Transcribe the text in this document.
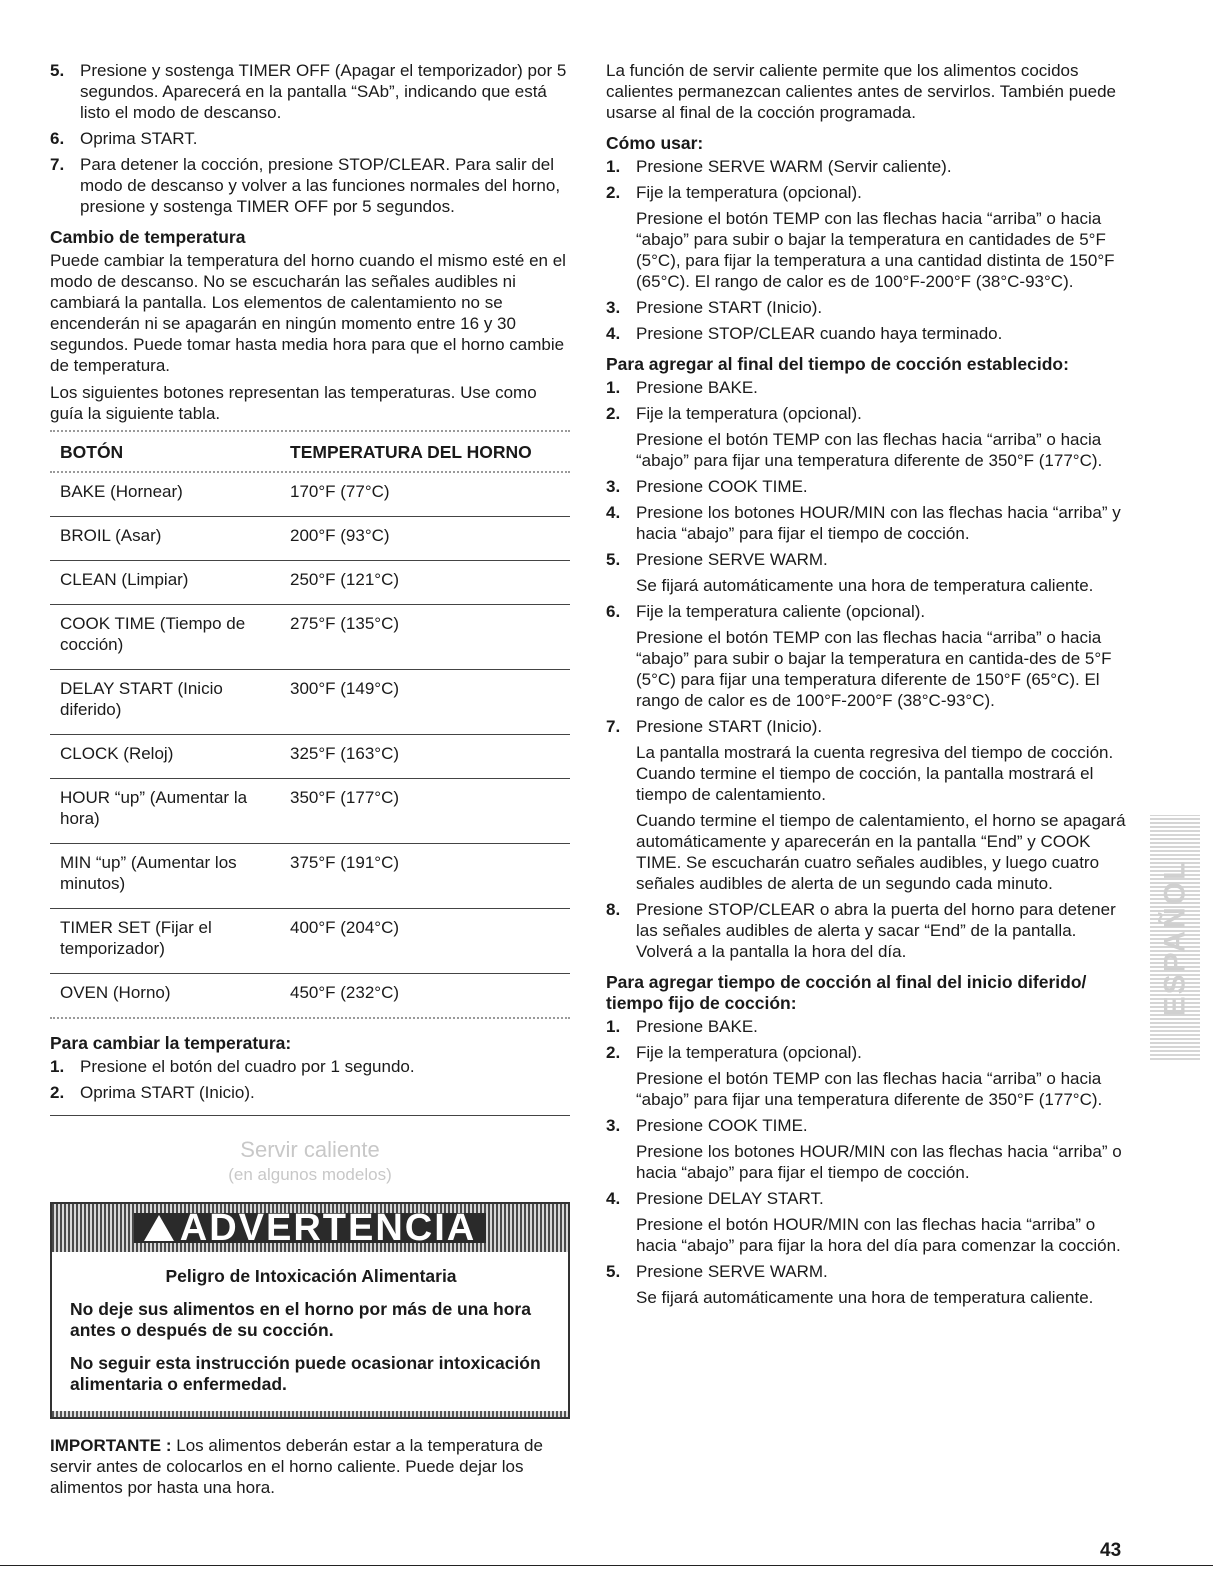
5. Presione y sostenga TIMER OFF (Apagar el temporizador) por 5 segundos. Aparecerá en la pantalla “SAb”, indicando que está listo el modo de descanso.
6. Oprima START.
7. Para detener la cocción, presione STOP/CLEAR. Para salir del modo de descanso y volver a las funciones normales del horno, presione y sostenga TIMER OFF por 5 segundos.
Cambio de temperatura

Puede cambiar la temperatura del horno cuando el mismo esté en el modo de descanso. No se escucharán las señales audibles ni cambiará la pantalla. Los elementos de calentamiento no se encenderán ni se apagarán en ningún momento entre 16 y 30 segundos. Puede tomar hasta media hora para que el horno cambie de temperatura.

Los siguientes botones representan las temperaturas. Use como guía la siguiente tabla.

BOTÓN	TEMPERATURA DEL HORNO

BAKE (Hornear)	170°F (77°C)
BROIL (Asar)	200°F (93°C)
CLEAN (Limpiar)	250°F (121°C)
COOK TIME (Tiempo de cocción)	275°F (135°C)
DELAY START (Inicio diferido)	300°F (149°C)
CLOCK (Reloj)	325°F (163°C)
HOUR “up” (Aumentar la hora)	350°F (177°C)
MIN “up” (Aumentar los minutos)	375°F (191°C)
TIMER SET (Fijar el temporizador)	400°F (204°C)
OVEN (Horno)	450°F (232°C)
Para cambiar la temperatura:
1. Presione el botón del cuadro por 1 segundo.
2. Oprima START (Inicio).
Servir caliente
(en algunos modelos)
ADVERTENCIA
Peligro de Intoxicación Alimentaria

No deje sus alimentos en el horno por más de una hora antes o después de su cocción.

No seguir esta instrucción puede ocasionar intoxicación alimentaria o enfermedad.

IMPORTANTE : Los alimentos deberán estar a la temperatura de servir antes de colocarlos en el horno caliente. Puede dejar los alimentos por hasta una hora.

La función de servir caliente permite que los alimentos cocidos calientes permanezcan calientes antes de servirlos. También puede usarse al final de la cocción programada.

Cómo usar:
1. Presione SERVE WARM (Servir caliente).
2. Fije la temperatura (opcional).
Presione el botón TEMP con las flechas hacia “arriba” o hacia “abajo” para subir o bajar la temperatura en cantidades de 5°F (5°C), para fijar la temperatura a una cantidad distinta de 150°F (65°C). El rango de calor es de 100°F-200°F (38°C-93°C).
3. Presione START (Inicio).
4. Presione STOP/CLEAR cuando haya terminado.
Para agregar al final del tiempo de cocción establecido:
1. Presione BAKE.
2. Fije la temperatura (opcional).
Presione el botón TEMP con las flechas hacia “arriba” o hacia “abajo” para fijar una temperatura diferente de 350°F (177°C).
3. Presione COOK TIME.
4. Presione los botones HOUR/MIN con las flechas hacia “arriba” y hacia “abajo” para fijar el tiempo de cocción.
5. Presione SERVE WARM.
Se fijará automáticamente una hora de temperatura caliente.
6. Fije la temperatura caliente (opcional).
Presione el botón TEMP con las flechas hacia “arriba” o hacia “abajo” para subir o bajar la temperatura en cantida-des de 5°F (5°C) para fijar una temperatura diferente de 150°F (65°C). El rango de calor es de 100°F-200°F (38°C-93°C).
7. Presione START (Inicio).
La pantalla mostrará la cuenta regresiva del tiempo de cocción. Cuando termine el tiempo de cocción, la pantalla mostrará el tiempo de calentamiento.
Cuando termine el tiempo de calentamiento, el horno se apagará automáticamente y aparecerán en la pantalla “End” y COOK TIME. Se escucharán cuatro señales audibles, y luego cuatro señales audibles de alerta de un segundo cada minuto.
8. Presione STOP/CLEAR o abra la puerta del horno para detener las señales audibles de alerta y sacar “End” de la pantalla. Volverá a la pantalla la hora del día.
Para agregar tiempo de cocción al final del inicio diferido/ tiempo fijo de cocción:
1. Presione BAKE.
2. Fije la temperatura (opcional).
Presione el botón TEMP con las flechas hacia “arriba” o hacia “abajo” para fijar una temperatura diferente de 350°F (177°C).
3. Presione COOK TIME.
Presione los botones HOUR/MIN con las flechas hacia “arriba” o hacia “abajo” para fijar el tiempo de cocción.
4. Presione DELAY START.
Presione el botón HOUR/MIN con las flechas hacia “arriba” o hacia “abajo” para fijar la hora del día para comenzar la cocción.
5. Presione SERVE WARM.
Se fijará automáticamente una hora de temperatura caliente.
ESPAÑOL
43
